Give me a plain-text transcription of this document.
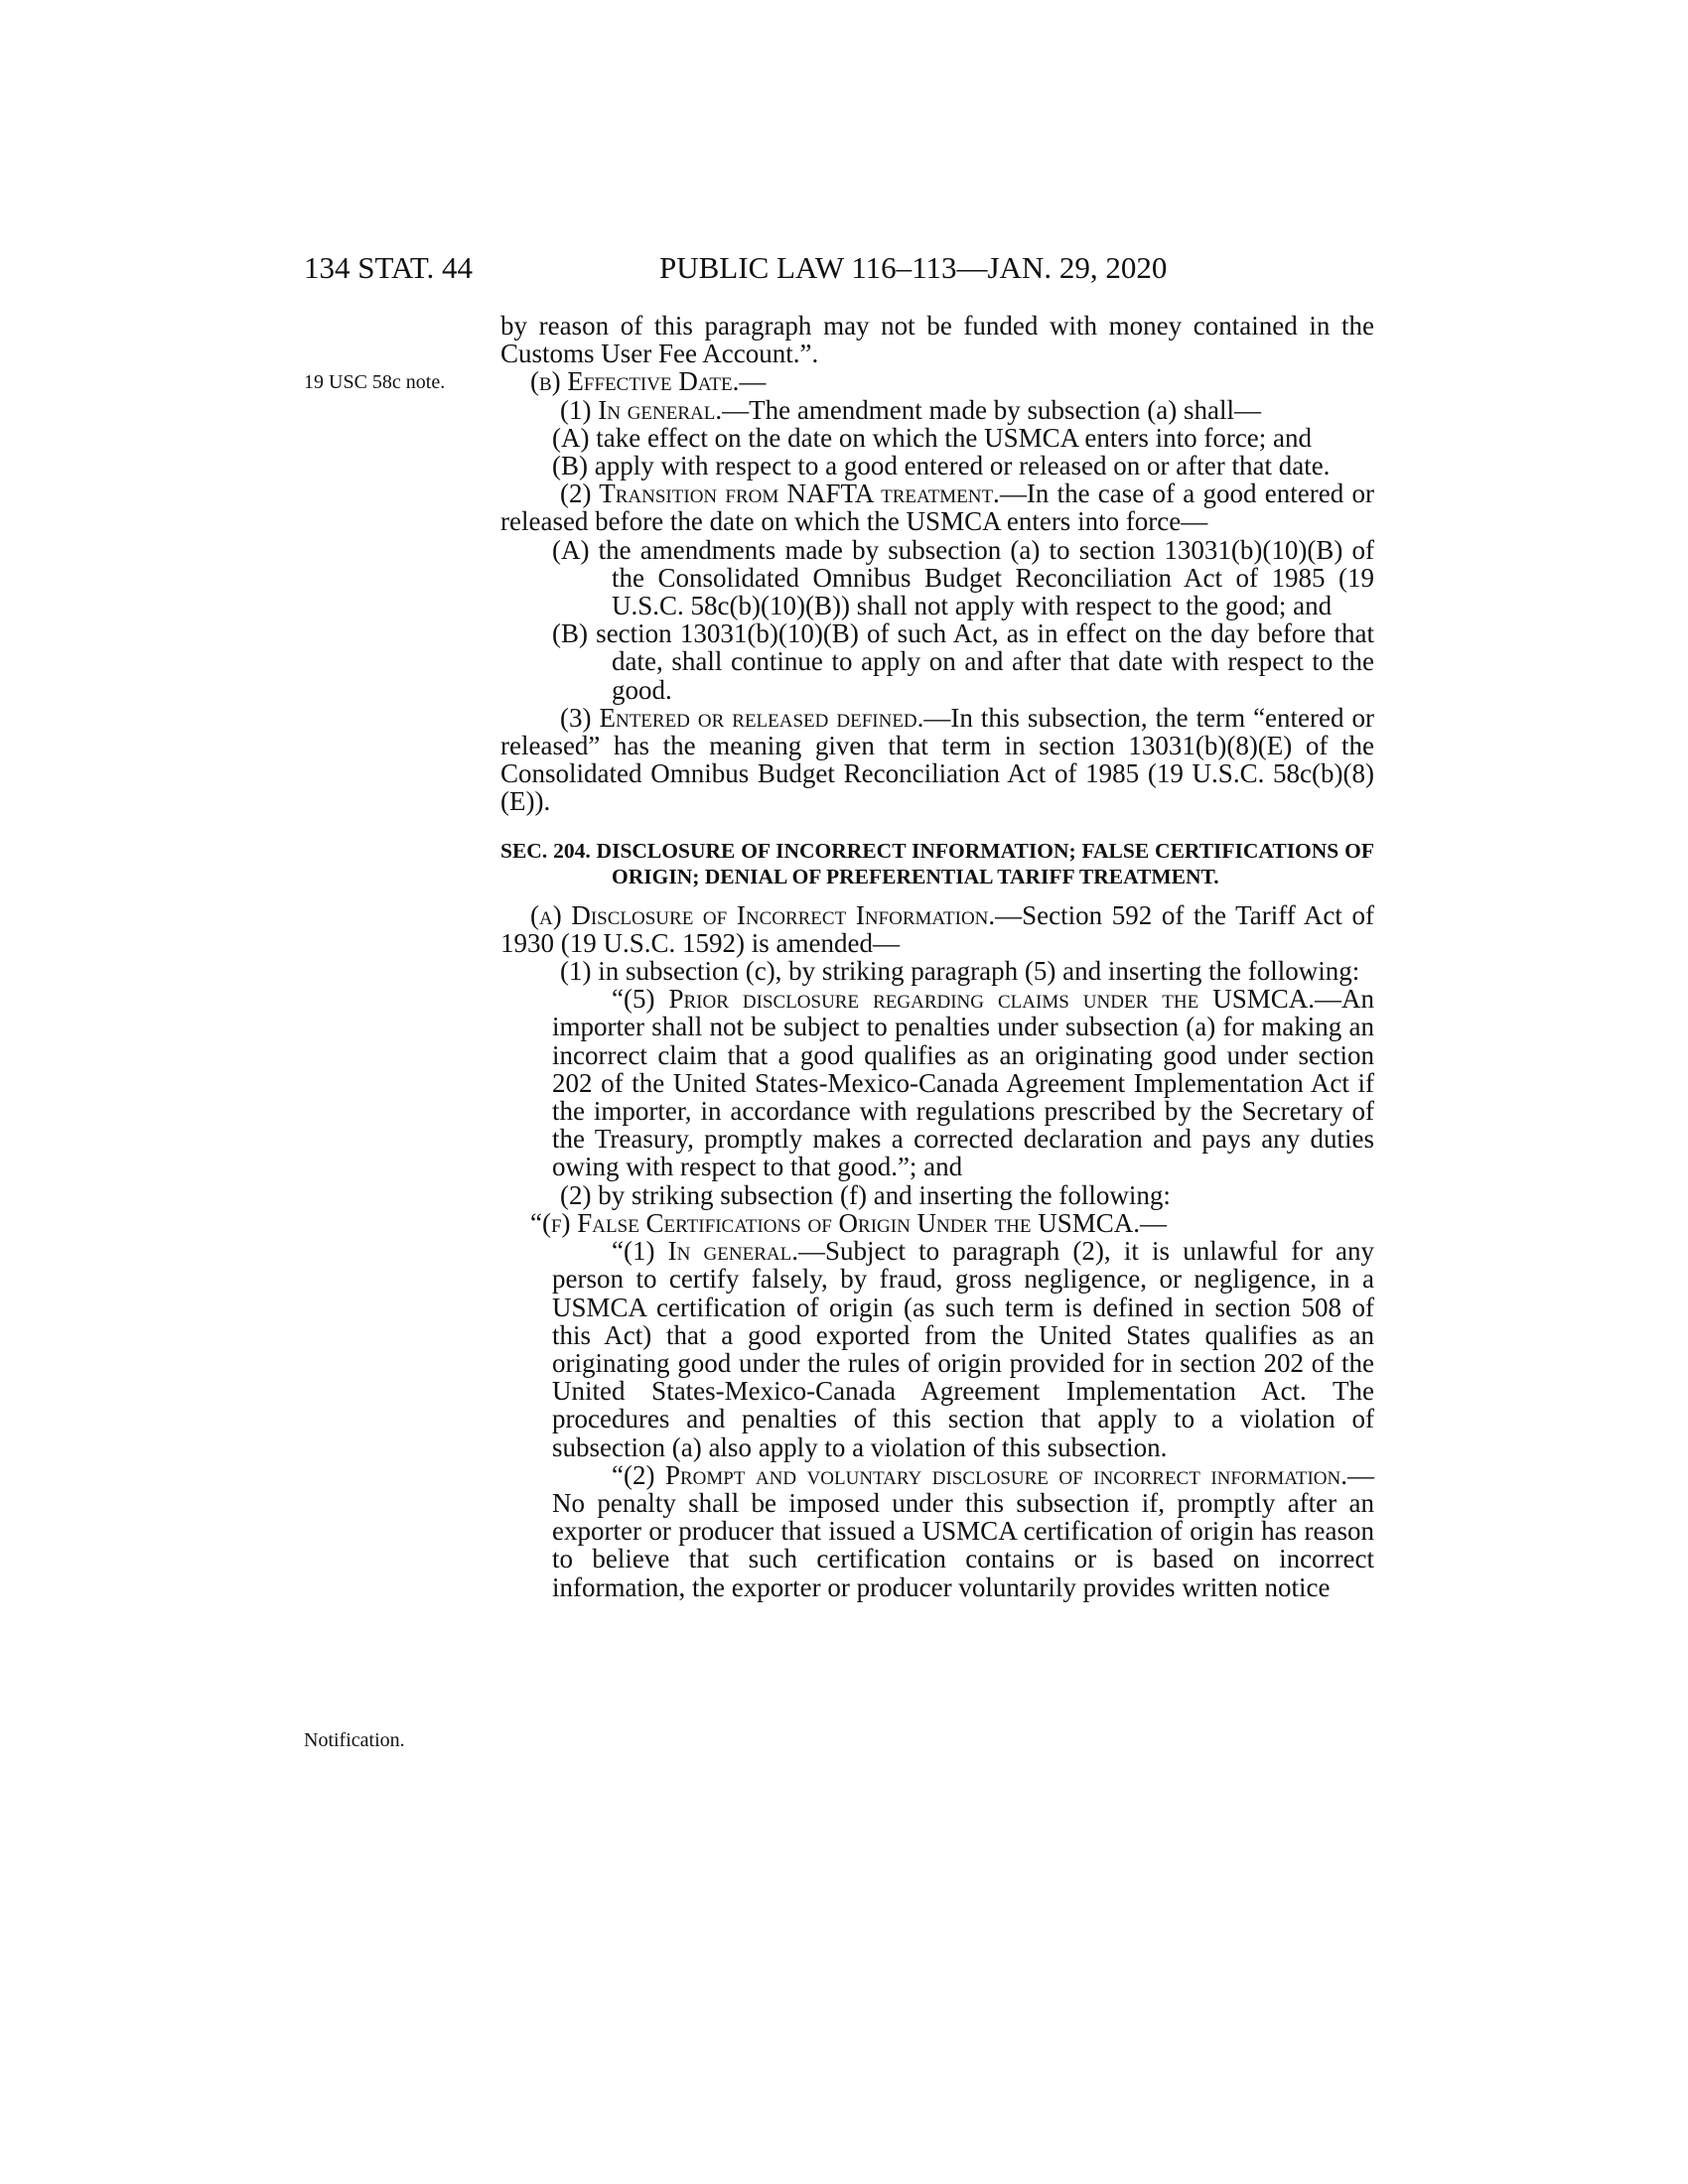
134 STAT. 44	PUBLIC LAW 116–113—JAN. 29, 2020
19 USC 58c note.
Notification.

by reason of this paragraph may not be funded with money contained in the Customs User Fee Account.”.

(b) Effective Date.—

(1) In general.—The amendment made by subsection (a) shall—

(A) take effect on the date on which the USMCA enters into force; and

(B) apply with respect to a good entered or released on or after that date.

(2) Transition from NAFTA treatment.—In the case of a good entered or released before the date on which the USMCA enters into force—

(A) the amendments made by subsection (a) to section 13031(b)(10)(B) of the Consolidated Omnibus Budget Reconciliation Act of 1985 (19 U.S.C. 58c(b)(10)(B)) shall not apply with respect to the good; and

(B) section 13031(b)(10)(B) of such Act, as in effect on the day before that date, shall continue to apply on and after that date with respect to the good.

(3) Entered or released defined.—In this subsection, the term “entered or released” has the meaning given that term in section 13031(b)(8)(E) of the Consolidated Omnibus Budget Reconciliation Act of 1985 (19 U.S.C. 58c(b)(8)(E)).

SEC. 204. DISCLOSURE OF INCORRECT INFORMATION; FALSE CERTIFICATIONS OF ORIGIN; DENIAL OF PREFERENTIAL TARIFF TREATMENT.

(a) Disclosure of Incorrect Information.—Section 592 of the Tariff Act of 1930 (19 U.S.C. 1592) is amended—

(1) in subsection (c), by striking paragraph (5) and inserting the following:

“(5) Prior disclosure regarding claims under the USMCA.—An importer shall not be subject to penalties under subsection (a) for making an incorrect claim that a good qualifies as an originating good under section 202 of the United States-Mexico-Canada Agreement Implementation Act if the importer, in accordance with regulations prescribed by the Secretary of the Treasury, promptly makes a corrected declaration and pays any duties owing with respect to that good.”; and

(2) by striking subsection (f) and inserting the following:

“(f) False Certifications of Origin Under the USMCA.—

“(1) In general.—Subject to paragraph (2), it is unlawful for any person to certify falsely, by fraud, gross negligence, or negligence, in a USMCA certification of origin (as such term is defined in section 508 of this Act) that a good exported from the United States qualifies as an originating good under the rules of origin provided for in section 202 of the United States-Mexico-Canada Agreement Implementation Act. The procedures and penalties of this section that apply to a violation of subsection (a) also apply to a violation of this subsection.

“(2) Prompt and voluntary disclosure of incorrect information.—No penalty shall be imposed under this subsection if, promptly after an exporter or producer that issued a USMCA certification of origin has reason to believe that such certification contains or is based on incorrect information, the exporter or producer voluntarily provides written notice
